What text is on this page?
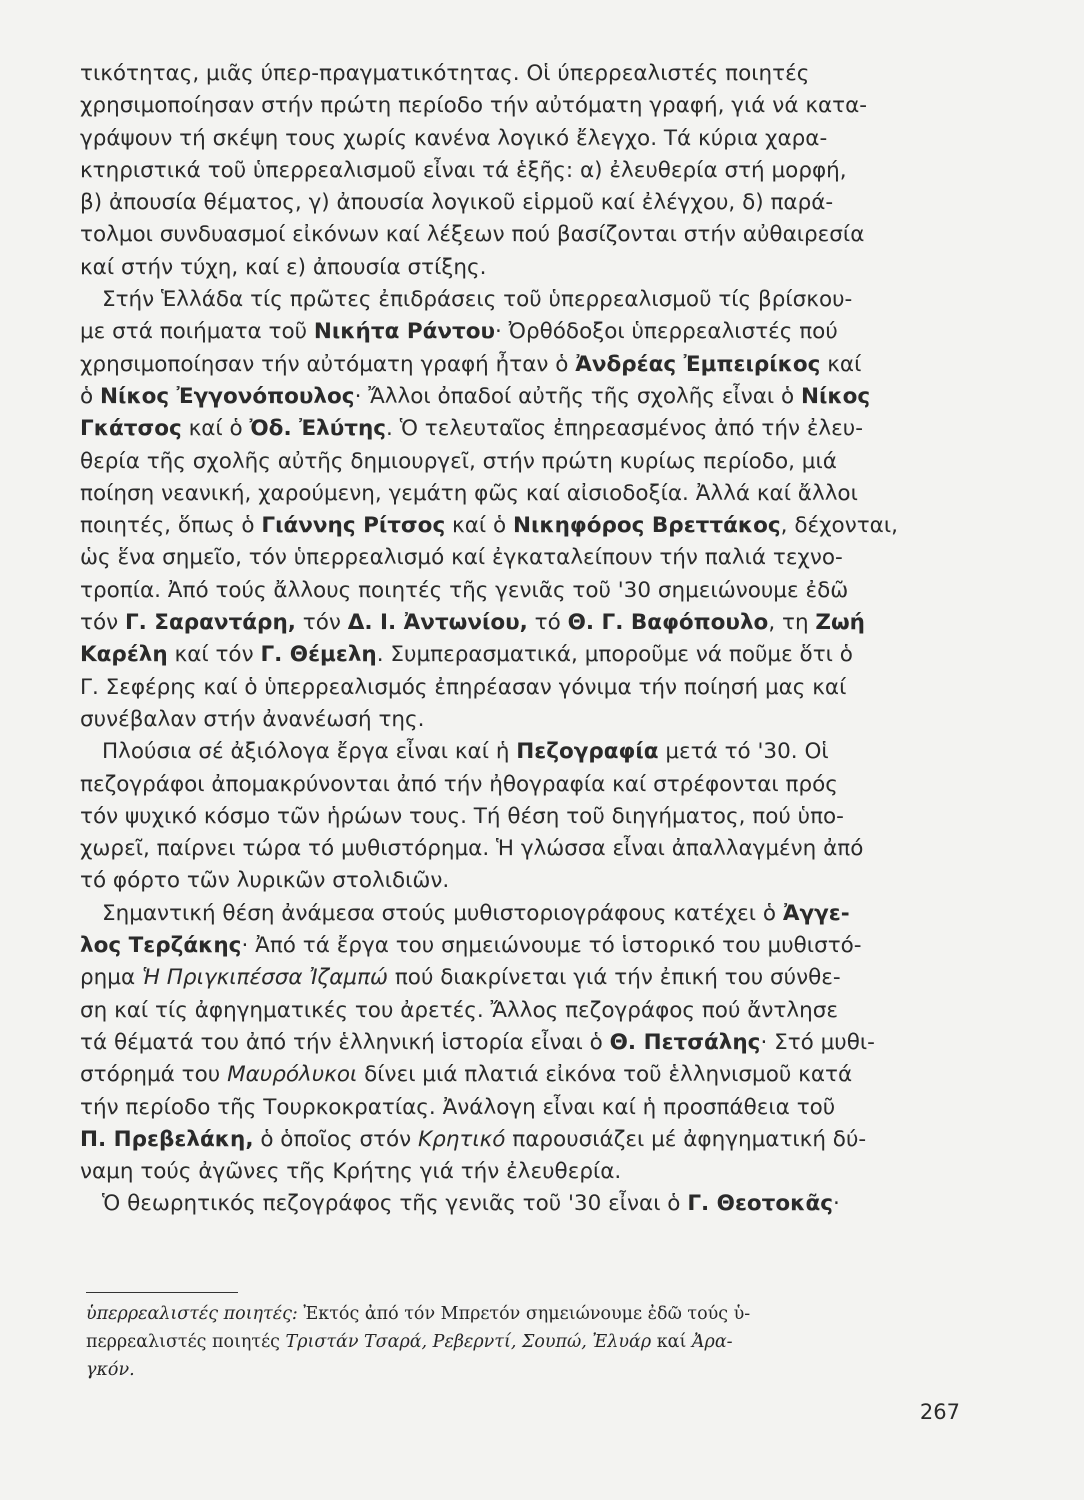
τικότητας, μιᾶς ύπερ-πραγματικότητας. Οἱ ύπερρεαλιστές ποιητές
χρησιμοποίησαν στήν πρώτη περίοδο τήν αὐτόματη γραφή, γιά νά κατα-
γράψουν τή σκέψη τους χωρίς κανένα λογικό ἔλεγχο. Τά κύρια χαρα-
κτηριστικά τοῦ ὑπερρεαλισμοῦ εἶναι τά ἑξῆς: α) ἐλευθερία στή μορφή,
β) ἀπουσία θέματος, γ) ἀπουσία λογικοῦ εἱρμοῦ καί ἐλέγχου, δ) παρά-
τολμοι συνδυασμοί εἰκόνων καί λέξεων πού βασίζονται στήν αὐθαιρεσία
καί στήν τύχη, καί ε) ἀπουσία στίξης.
Στήν Ἑλλάδα τίς πρῶτες ἐπιδράσεις τοῦ ὑπερρεαλισμοῦ τίς βρίσκου-
με στά ποιήματα τοῦ Νικήτα Ράντου· Ὀρθόδοξοι ὑπερρεαλιστές πού
χρησιμοποίησαν τήν αὐτόματη γραφή ἦταν ὁ Ἀνδρέας Ἐμπειρίκος καί
ὁ Νίκος Ἐγγονόπουλος· Ἄλλοι ὀπαδοί αὐτῆς τῆς σχολῆς εἶναι ὁ Νίκος
Γκάτσος καί ὁ Ὀδ. Ἐλύτης. Ὁ τελευταῖος ἐπηρεασμένος ἀπό τήν ἐλευ-
θερία τῆς σχολῆς αὐτῆς δημιουργεῖ, στήν πρώτη κυρίως περίοδο, μιά
ποίηση νεανική, χαρούμενη, γεμάτη φῶς καί αἰσιοδοξία. Ἀλλά καί ἄλλοι
ποιητές, ὅπως ὁ Γιάννης Ρίτσος καί ὁ Νικηφόρος Βρεττάκος, δέχονται,
ὡς ἕνα σημεῖο, τόν ὑπερρεαλισμό καί ἐγκαταλείπουν τήν παλιά τεχνο-
τροπία. Ἀπό τούς ἄλλους ποιητές τῆς γενιᾶς τοῦ '30 σημειώνουμε ἐδῶ
τόν Γ. Σαραντάρη, τόν Δ. Ι. Ἀντωνίου, τό Θ. Γ. Βαφόπουλο, τη Ζωή
Καρέλη καί τόν Γ. Θέμελη. Συμπερασματικά, μποροῦμε νά ποῦμε ὅτι ὁ
Γ. Σεφέρης καί ὁ ὑπερρεαλισμός ἐπηρέασαν γόνιμα τήν ποίησή μας καί
συνέβαλαν στήν ἀνανέωσή της.
Πλούσια σέ ἀξιόλογα ἔργα εἶναι καί ἡ Πεζογραφία μετά τό '30. Οἱ
πεζογράφοι ἀπομακρύνονται ἀπό τήν ἠθογραφία καί στρέφονται πρός
τόν ψυχικό κόσμο τῶν ἡρώων τους. Τή θέση τοῦ διηγήματος, πού ὑπο-
χωρεῖ, παίρνει τώρα τό μυθιστόρημα. Ἡ γλώσσα εἶναι ἀπαλλαγμένη ἀπό
τό φόρτο τῶν λυρικῶν στολιδιῶν.
Σημαντική θέση ἀνάμεσα στούς μυθιστοριογράφους κατέχει ὁ Ἀγγε-
λος Τερζάκης· Ἀπό τά ἔργα του σημειώνουμε τό ἱστορικό του μυθιστό-
ρημα Ἡ Πριγκιπέσσα Ἰζαμπώ πού διακρίνεται γιά τήν ἐπική του σύνθε-
ση καί τίς ἀφηγηματικές του ἀρετές. Ἄλλος πεζογράφος πού ἄντλησε
τά θέματά του ἀπό τήν ἑλληνική ἱστορία εἶναι ὁ Θ. Πετσάλης· Στό μυθι-
στόρημά του Μαυρόλυκοι δίνει μιά πλατιά εἰκόνα τοῦ ἑλληνισμοῦ κατά
τήν περίοδο τῆς Τουρκοκρατίας. Ἀνάλογη εἶναι καί ἡ προσπάθεια τοῦ
Π. Πρεβελάκη, ὁ ὁποῖος στόν Κρητικό παρουσιάζει μέ ἀφηγηματική δύ-
ναμη τούς ἀγῶνες τῆς Κρήτης γιά τήν ἐλευθερία.
Ὁ θεωρητικός πεζογράφος τῆς γενιᾶς τοῦ '30 εἶναι ὁ Γ. Θεοτοκᾶς·
ὑπερρεαλιστές ποιητές: Ἐκτός ἀπό τόν Μπρετόν σημειώνουμε ἐδῶ τούς ὑ-
περρεαλιστές ποιητές Τριστάν Τσαρά, Ρεβερντί, Σουπώ, Ἐλυάρ καί Ἀρα-
γκόν.
267
